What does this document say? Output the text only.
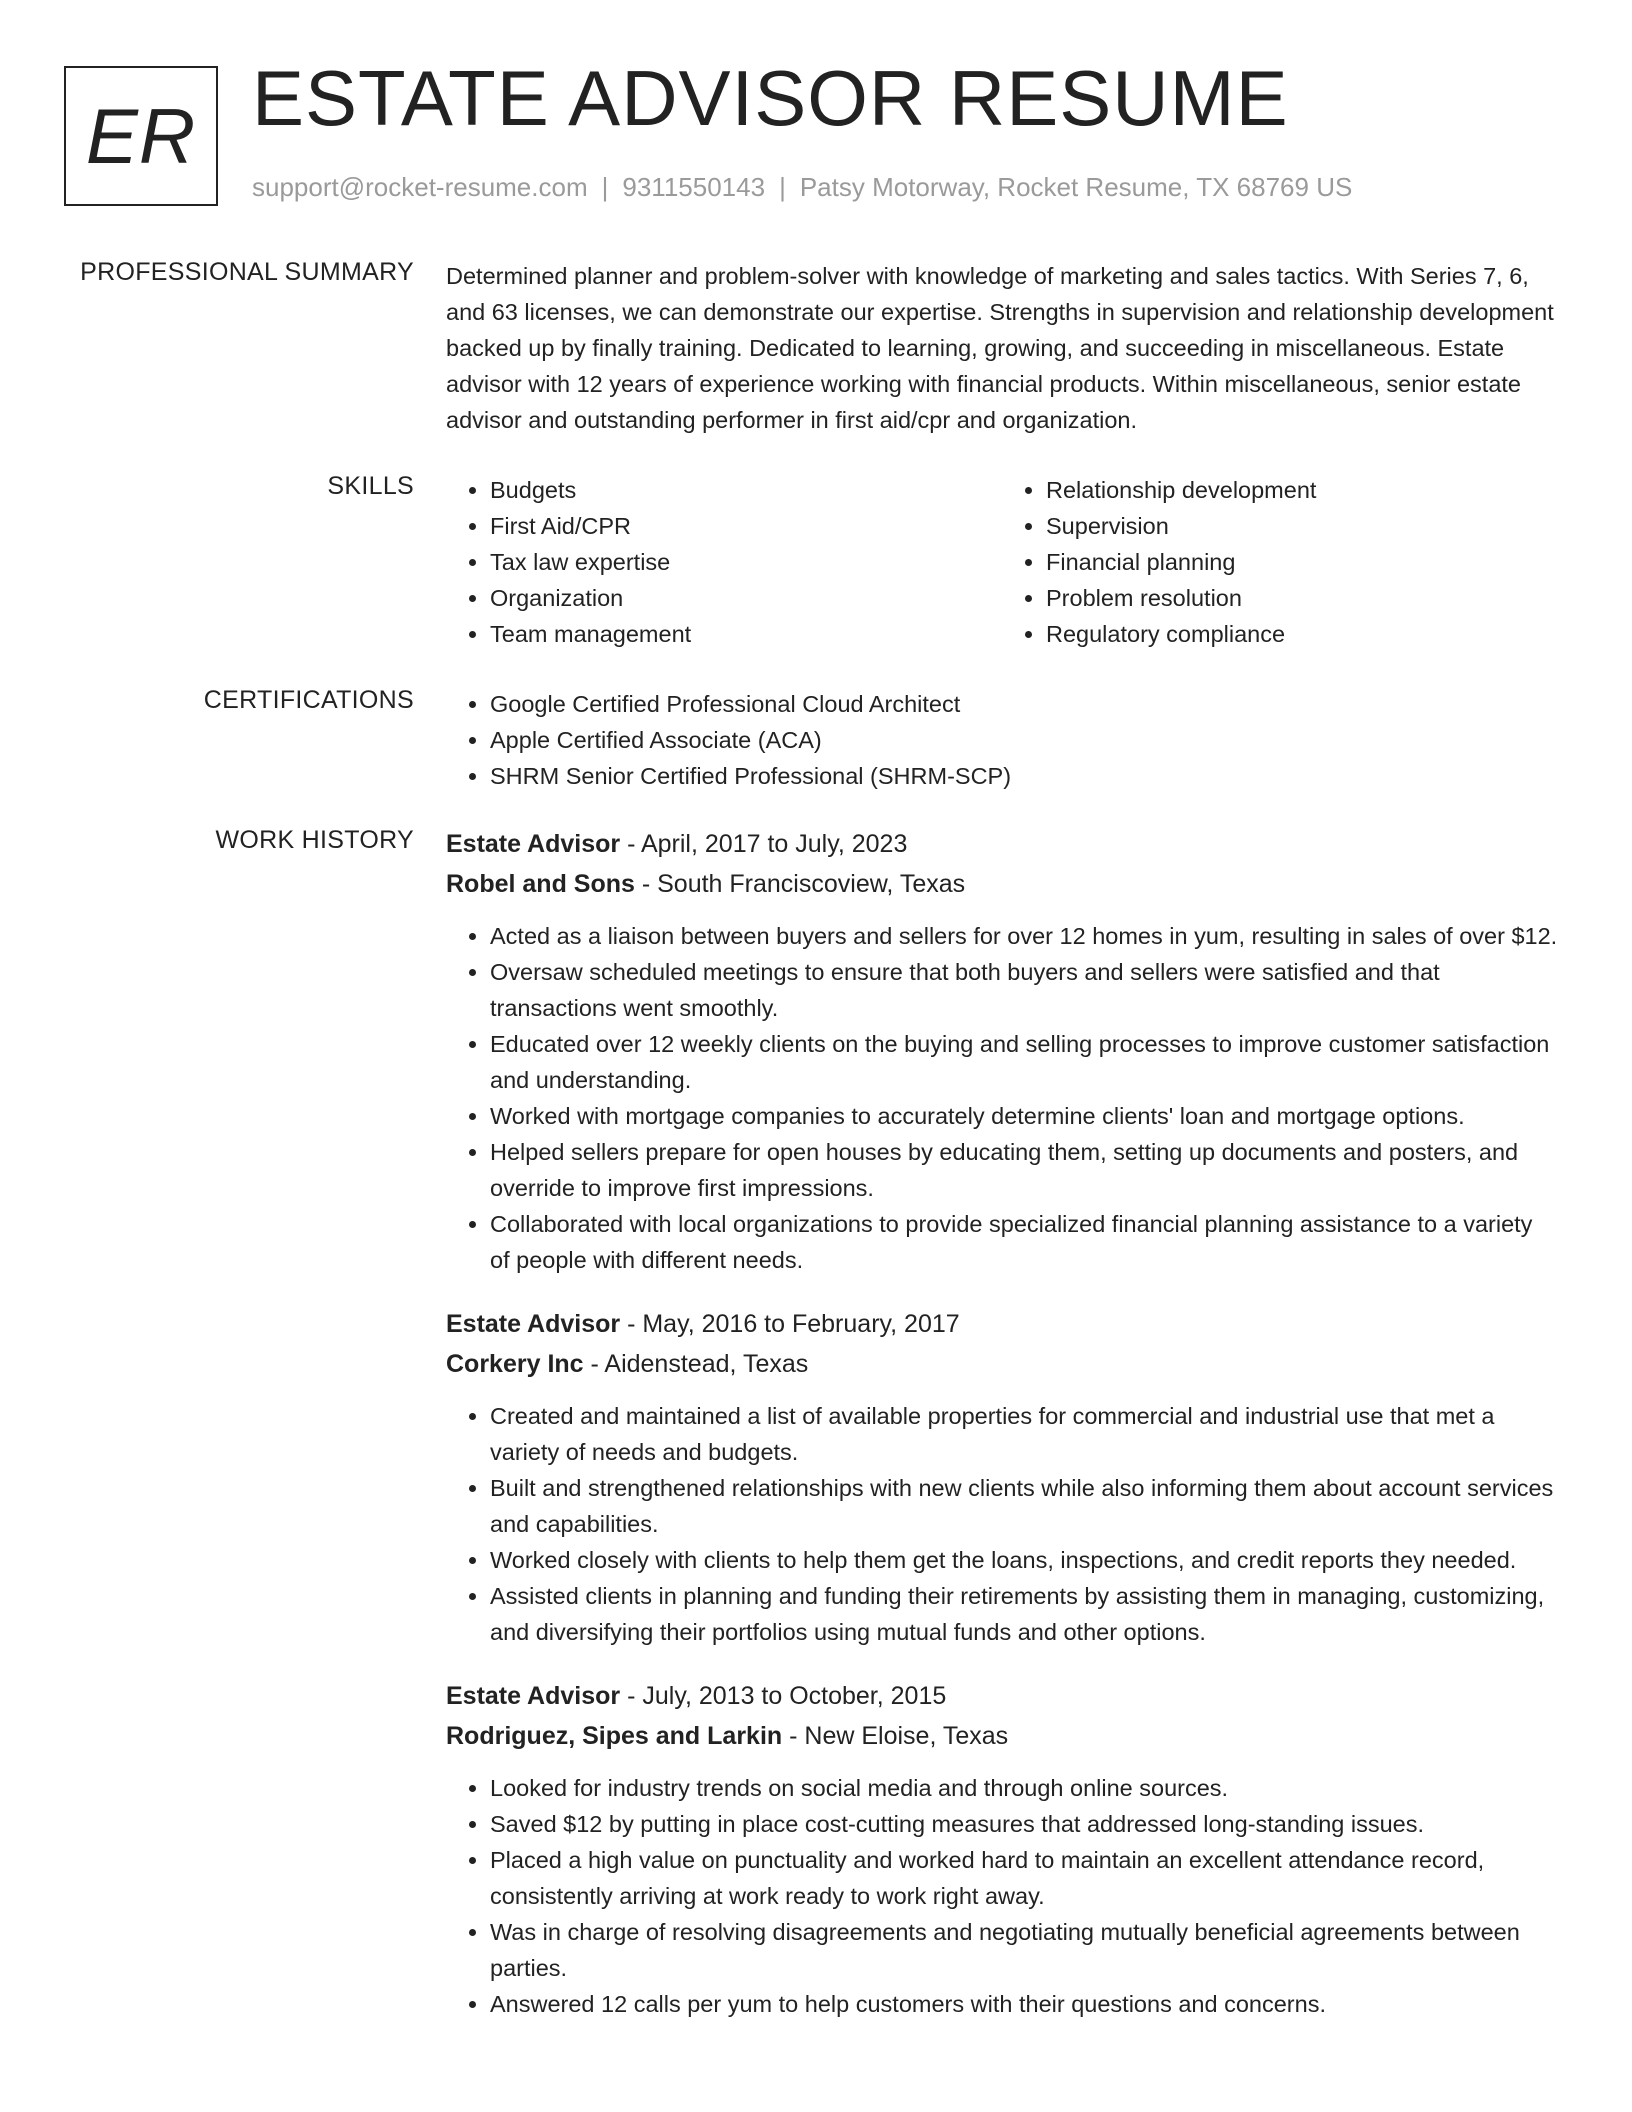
ER ESTATE ADVISOR RESUME
support@rocket-resume.com | 9311550143 | Patsy Motorway, Rocket Resume, TX 68769 US
PROFESSIONAL SUMMARY Determined planner and problem-solver with knowledge of marketing and sales tactics. With Series 7, 6, and 63 licenses, we can demonstrate our expertise. Strengths in supervision and relationship development backed up by finally training. Dedicated to learning, growing, and succeeding in miscellaneous. Estate advisor with 12 years of experience working with financial products. Within miscellaneous, senior estate advisor and outstanding performer in first aid/cpr and organization.
SKILLS	• Budgets
• First Aid/CPR
• Tax law expertise
• Organization
• Team management
• Relationship development
• Supervision
• Financial planning
• Problem resolution
• Regulatory compliance
CERTIFICATIONS	• Google Certified Professional Cloud Architect
• Apple Certified Associate (ACA)
• SHRM Senior Certified Professional (SHRM-SCP)
WORK HISTORY Estate Advisor - April, 2017 to July, 2023
Robel and Sons - South Franciscoview, Texas
• Acted as a liaison between buyers and sellers for over 12 homes in yum, resulting in sales of over $12.
• Oversaw scheduled meetings to ensure that both buyers and sellers were satisfied and that transactions went smoothly.
• Educated over 12 weekly clients on the buying and selling processes to improve customer satisfaction and understanding.
• Worked with mortgage companies to accurately determine clients' loan and mortgage options.
• Helped sellers prepare for open houses by educating them, setting up documents and posters, and override to improve first impressions.
• Collaborated with local organizations to provide specialized financial planning assistance to a variety of people with different needs.
Estate Advisor - May, 2016 to February, 2017
Corkery Inc - Aidenstead, Texas
• Created and maintained a list of available properties for commercial and industrial use that met a variety of needs and budgets.
• Built and strengthened relationships with new clients while also informing them about account services and capabilities.
• Worked closely with clients to help them get the loans, inspections, and credit reports they needed.
• Assisted clients in planning and funding their retirements by assisting them in managing, customizing, and diversifying their portfolios using mutual funds and other options.
Estate Advisor - July, 2013 to October, 2015
Rodriguez, Sipes and Larkin - New Eloise, Texas
• Looked for industry trends on social media and through online sources.
• Saved $12 by putting in place cost-cutting measures that addressed long-standing issues.
• Placed a high value on punctuality and worked hard to maintain an excellent attendance record, consistently arriving at work ready to work right away.
• Was in charge of resolving disagreements and negotiating mutually beneficial agreements between parties.
• Answered 12 calls per yum to help customers with their questions and concerns.
